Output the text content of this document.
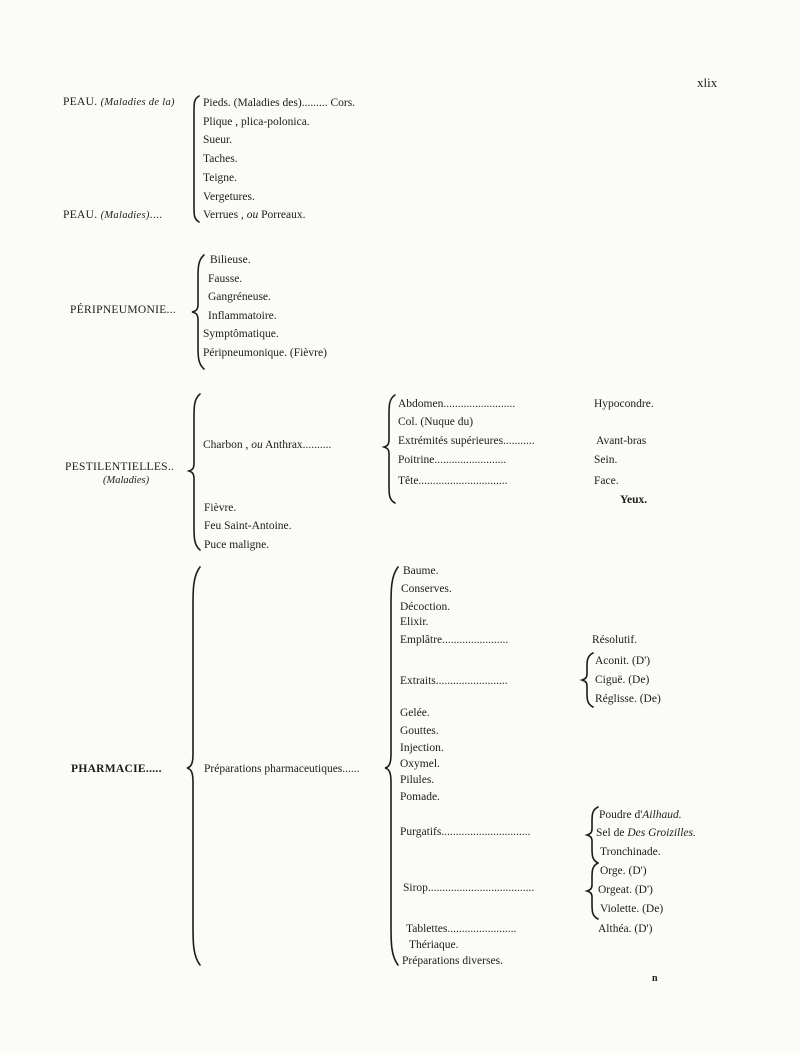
xlix
n
PEAU. (Maladies de la)
PEAU. (Maladies)....
Pieds. (Maladies des)......... Cors.
Plique , plica-polonica.
Sueur.
Taches.
Teigne.
Vergetures.
Verrues , ou Porreaux.
PÉRIPNEUMONIE...
Bilieuse.
Fausse.
Gangréneuse.
Inflammatoire.
Symptômatique.
Péripneumonique. (Fièvre)
PESTILENTIELLES..
(Maladies)
Charbon , ou Anthrax..........
Abdomen.........................	Hypocondre.
Col. (Nuque du)
Extrémités supérieures...........	Avant-bras
Poitrine.........................	Sein.
Tête...............................	Face.
Yeux.
Fièvre.
Feu Saint-Antoine.
Puce maligne.
PHARMACIE.....	Préparations pharmaceutiques......
Baume.
Conserves.
Décoction.
Elixir.
Emplâtre.......................	Résolutif.
Extraits.........................
Aconit. (D')
Ciguë. (De)
Réglisse. (De)
Gelée.
Gouttes.
Injection.
Oxymel.
Pilules.
Pomade.
Purgatifs...............................
Poudre d'Ailhaud.
Sel de Des Groizilles.
Tronchinade.
Sirop.....................................
Orge. (D')
Orgeat. (D')
Violette. (De)
Tablettes........................	Althéa. (D')
Thériaque.
Préparations diverses.
